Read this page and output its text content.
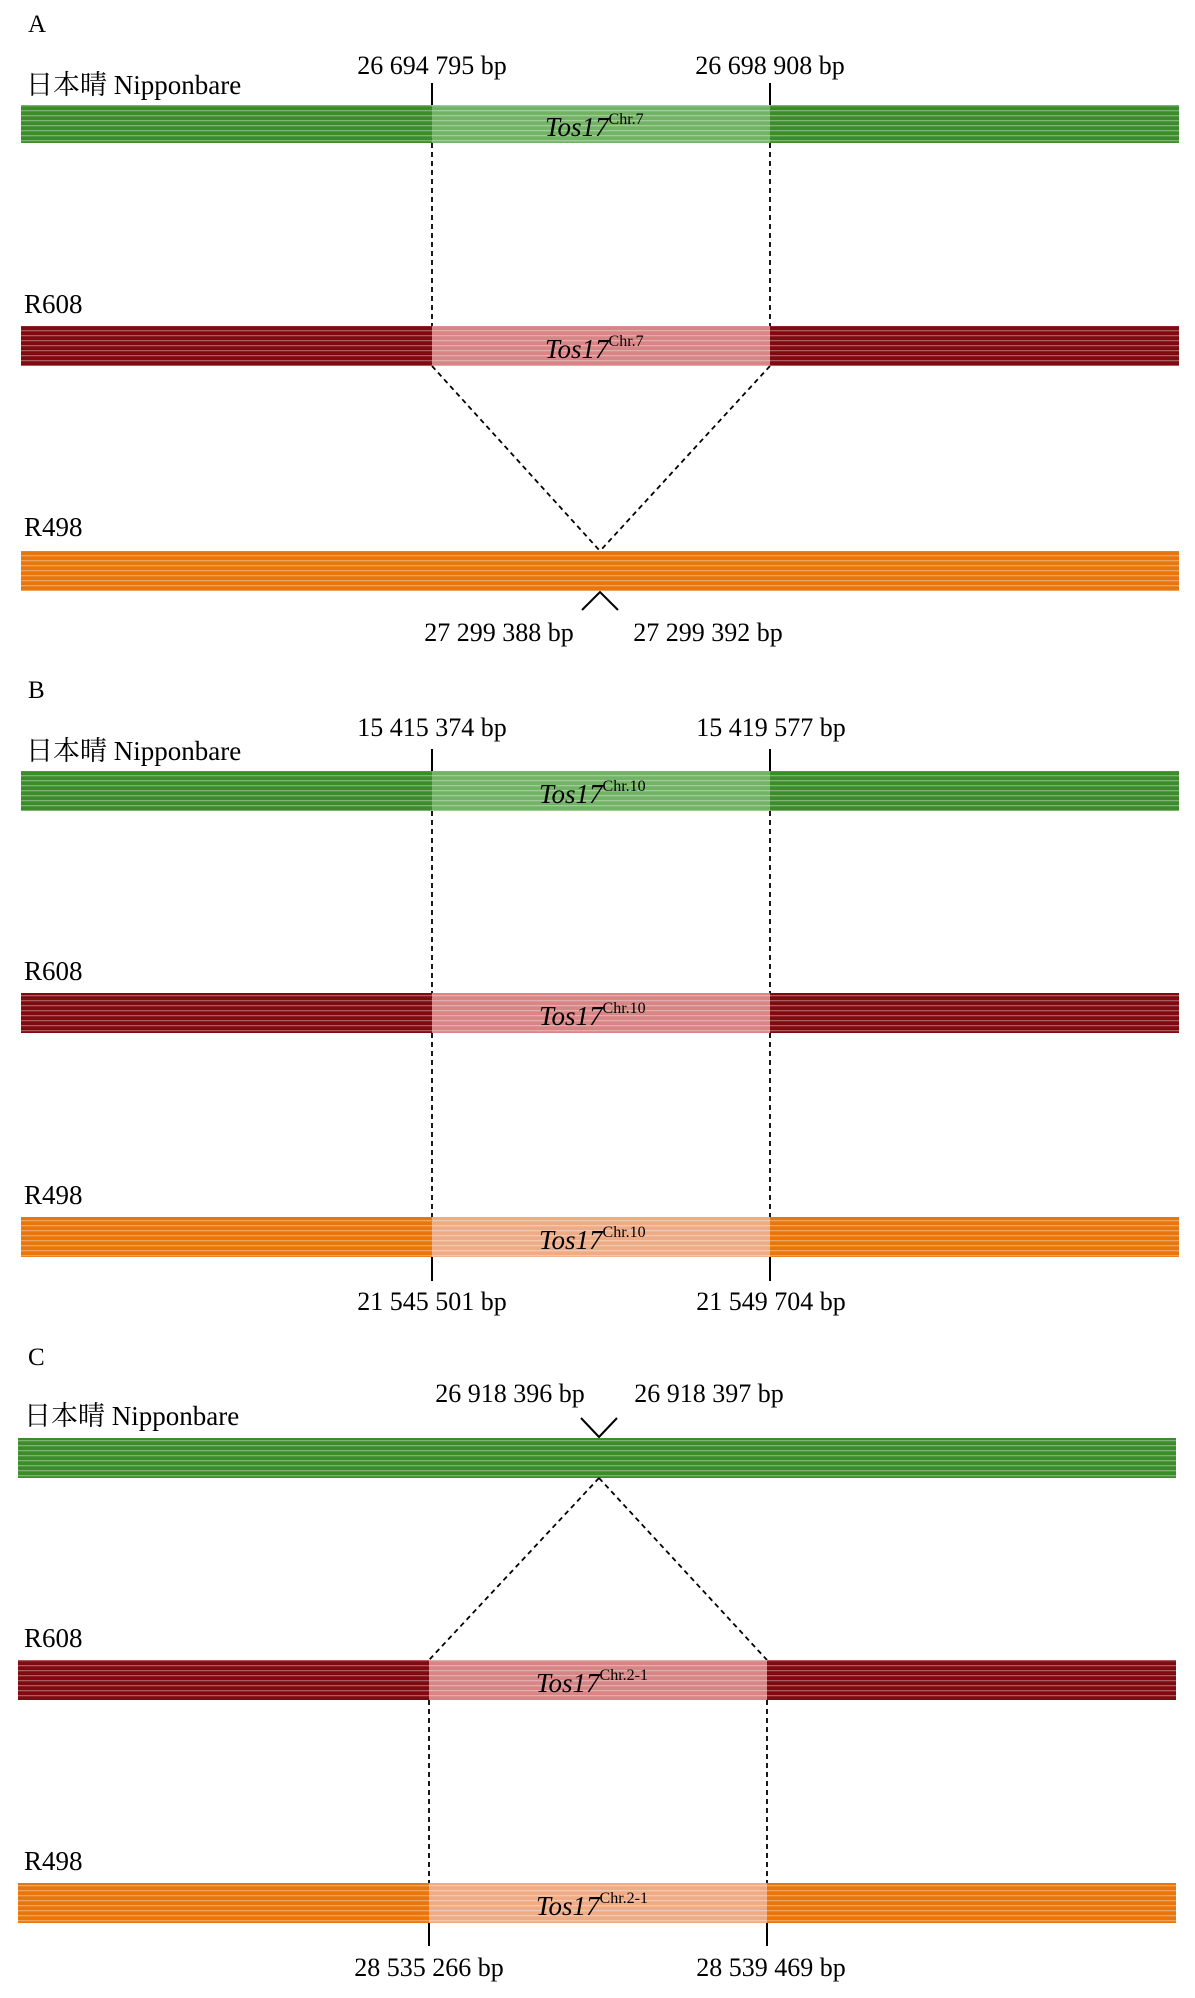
A
日本晴 Nipponbare
$Tos17^{Chr.7}$
26 694 795 bp	26 698 908 bp
R608
$Tos17^{Chr.7}$
R498
27 299 388 bp 27 299 392 bp
B
日本晴 Nipponbare
$Tos17^{Chr.10}$
15 415 374 bp	15 419 577 bp
R608
$Tos17^{Chr.10}$
R498
$Tos17^{Chr.10}$
21 545 501 bp	21 549 704 bp
C
26 918 396 bp 26 918 397 bp
日本晴 Nipponbare
R608
$Tos17^{Chr.2-1}$
R498
$Tos17^{Chr.2-1}$
28 535 266 bp	28 539 469 bp
